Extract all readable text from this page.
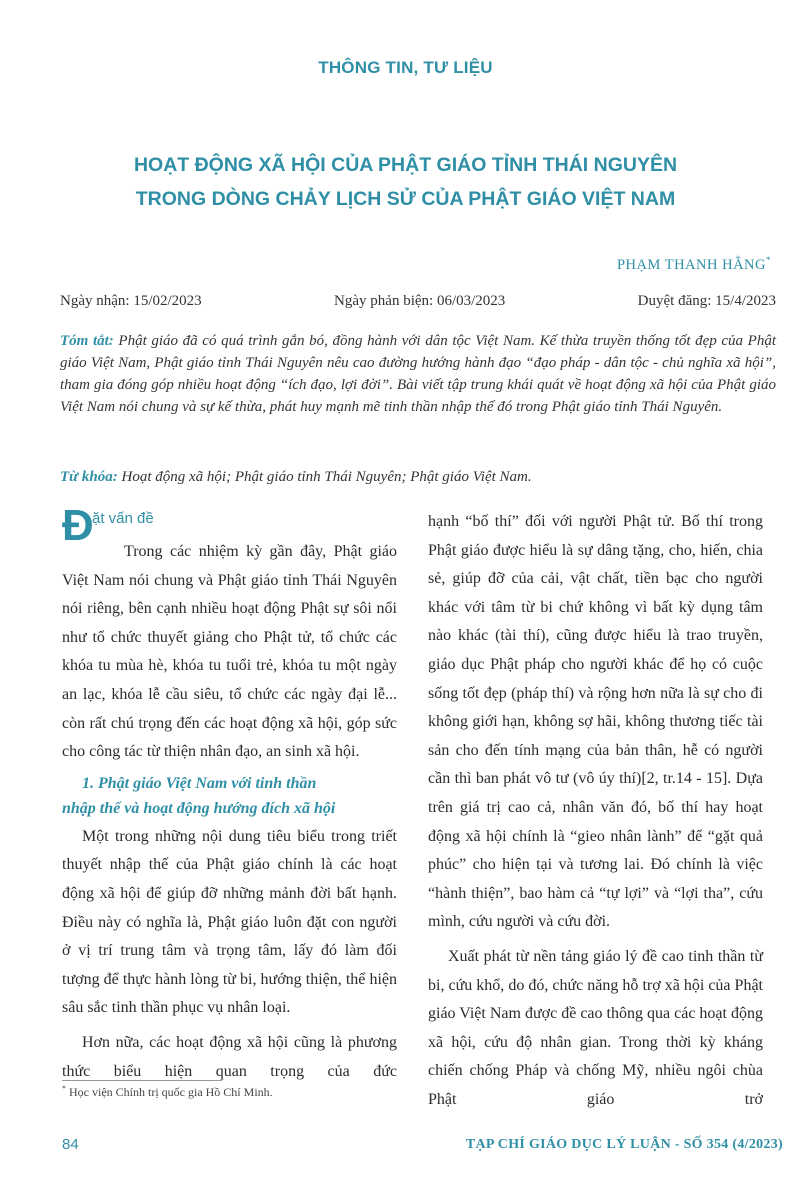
THÔNG TIN, TƯ LIỆU
HOẠT ĐỘNG XÃ HỘI CỦA PHẬT GIÁO TỈNH THÁI NGUYÊN
TRONG DÒNG CHẢY LỊCH SỬ CỦA PHẬT GIÁO VIỆT NAM
PHẠM THANH HẰNG*
Ngày nhận: 15/02/2023	Ngày phản biện: 06/03/2023	Duyệt đăng: 15/4/2023
Tóm tắt: Phật giáo đã có quá trình gắn bó, đồng hành với dân tộc Việt Nam. Kế thừa truyền thống tốt đẹp của Phật giáo Việt Nam, Phật giáo tỉnh Thái Nguyên nêu cao đường hướng hành đạo “đạo pháp - dân tộc - chủ nghĩa xã hội”, tham gia đóng góp nhiều hoạt động “ích đạo, lợi đời”. Bài viết tập trung khái quát về hoạt động xã hội của Phật giáo Việt Nam nói chung và sự kế thừa, phát huy mạnh mẽ tinh thần nhập thế đó trong Phật giáo tỉnh Thái Nguyên.
Từ khóa: Hoạt động xã hội; Phật giáo tỉnh Thái Nguyên; Phật giáo Việt Nam.
Đ
ặt vấn đề

Trong các nhiệm kỳ gần đây, Phật giáo Việt Nam nói chung và Phật giáo tỉnh Thái Nguyên nói riêng, bên cạnh nhiều hoạt động Phật sự sôi nổi như tổ chức thuyết giảng cho Phật tử, tổ chức các khóa tu mùa hè, khóa tu tuổi trẻ, khóa tu một ngày an lạc, khóa lễ cầu siêu, tổ chức các ngày đại lễ... còn rất chú trọng đến các hoạt động xã hội, góp sức cho công tác từ thiện nhân đạo, an sinh xã hội.

1. Phật giáo Việt Nam với tinh thần
nhập thế và hoạt động hướng đích xã hội

Một trong những nội dung tiêu biểu trong triết thuyết nhập thế của Phật giáo chính là các hoạt động xã hội để giúp đỡ những mảnh đời bất hạnh. Điều này có nghĩa là, Phật giáo luôn đặt con người ở vị trí trung tâm và trọng tâm, lấy đó làm đối tượng để thực hành lòng từ bi, hướng thiện, thể hiện sâu sắc tinh thần phục vụ nhân loại.

Hơn nữa, các hoạt động xã hội cũng là phương thức biểu hiện quan trọng của đức

hạnh “bố thí” đối với người Phật tử. Bố thí trong Phật giáo được hiểu là sự dâng tặng, cho, hiến, chia sẻ, giúp đỡ của cải, vật chất, tiền bạc cho người khác với tâm từ bi chứ không vì bất kỳ dụng tâm nào khác (tài thí), cũng được hiểu là trao truyền, giáo dục Phật pháp cho người khác để họ có cuộc sống tốt đẹp (pháp thí) và rộng hơn nữa là sự cho đi không giới hạn, không sợ hãi, không thương tiếc tài sản cho đến tính mạng của bản thân, hễ có người cần thì ban phát vô tư (vô úy thí)[2, tr.14 - 15]. Dựa trên giá trị cao cả, nhân văn đó, bố thí hay hoạt động xã hội chính là “gieo nhân lành” để “gặt quả phúc” cho hiện tại và tương lai. Đó chính là việc “hành thiện”, bao hàm cả “tự lợi” và “lợi tha”, cứu mình, cứu người và cứu đời.

Xuất phát từ nền tảng giáo lý đề cao tinh thần từ bi, cứu khổ, do đó, chức năng hỗ trợ xã hội của Phật giáo Việt Nam được đề cao thông qua các hoạt động xã hội, cứu độ nhân gian. Trong thời kỳ kháng chiến chống Pháp và chống Mỹ, nhiều ngôi chùa Phật giáo trở

* Học viện Chính trị quốc gia Hồ Chí Minh.
84	TẠP CHÍ GIÁO DỤC LÝ LUẬN - SỐ 354 (4/2023)
